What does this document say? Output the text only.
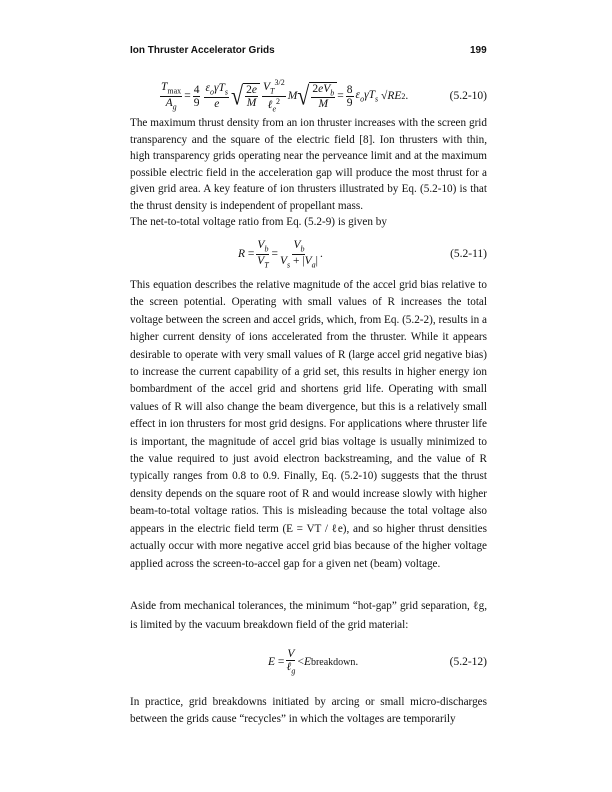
Ion Thruster Accelerator Grids	199
$\frac{T_{max}}{A_g} = \frac{4}{9} \frac{\varepsilon_o\gamma T_s}{e}$ √ $\frac{2e}{M} \frac{V_T^{3/2}}{\ell_e^2}$ M √ $\frac{2eV_b}{M} = \frac{8}{9} \varepsilon_o\gamma T_s$ √ RE 2 .	(5.2-10)

The maximum thrust density from an ion thruster increases with the screen grid transparency and the square of the electric field [8]. Ion thrusters with thin, high transparency grids operating near the perveance limit and at the maximum possible electric field in the acceleration gap will produce the most thrust for a given grid area. A key feature of ion thrusters illustrated by Eq. (5.2-10) is that the thrust density is independent of propellant mass.

The net-to-total voltage ratio from Eq. (5.2-9) is given by

$R = \frac{V_b}{V_T} = \frac{V_b}{V_s + |V_a|}$ .	(5.2-11)

This equation describes the relative magnitude of the accel grid bias relative to the screen potential. Operating with small values of R increases the total voltage between the screen and accel grids, which, from Eq. (5.2-2), results in a higher current density of ions accelerated from the thruster. While it appears desirable to operate with very small values of R (large accel grid negative bias) to increase the current capability of a grid set, this results in higher energy ion bombardment of the accel grid and shortens grid life. Operating with small values of R will also change the beam divergence, but this is a relatively small effect in ion thrusters for most grid designs. For applications where thruster life is important, the magnitude of accel grid bias voltage is usually minimized to the value required to just avoid electron backstreaming, and the value of R typically ranges from 0.8 to 0.9. Finally, Eq. (5.2-10) suggests that the thrust density depends on the square root of R and would increase slowly with higher beam-to-total voltage ratios. This is misleading because the total voltage also appears in the electric field term (E = VT / ℓe), and so higher thrust densities actually occur with more negative accel grid bias because of the higher voltage applied across the screen-to-accel gap for a given net (beam) voltage.

Aside from mechanical tolerances, the minimum “hot-gap” grid separation, ℓg, is limited by the vacuum breakdown field of the grid material:

$E = \frac{V}{\ell_g} < E$ breakdown .	(5.2-12)

In practice, grid breakdowns initiated by arcing or small micro-discharges between the grids cause “recycles” in which the voltages are temporarily
